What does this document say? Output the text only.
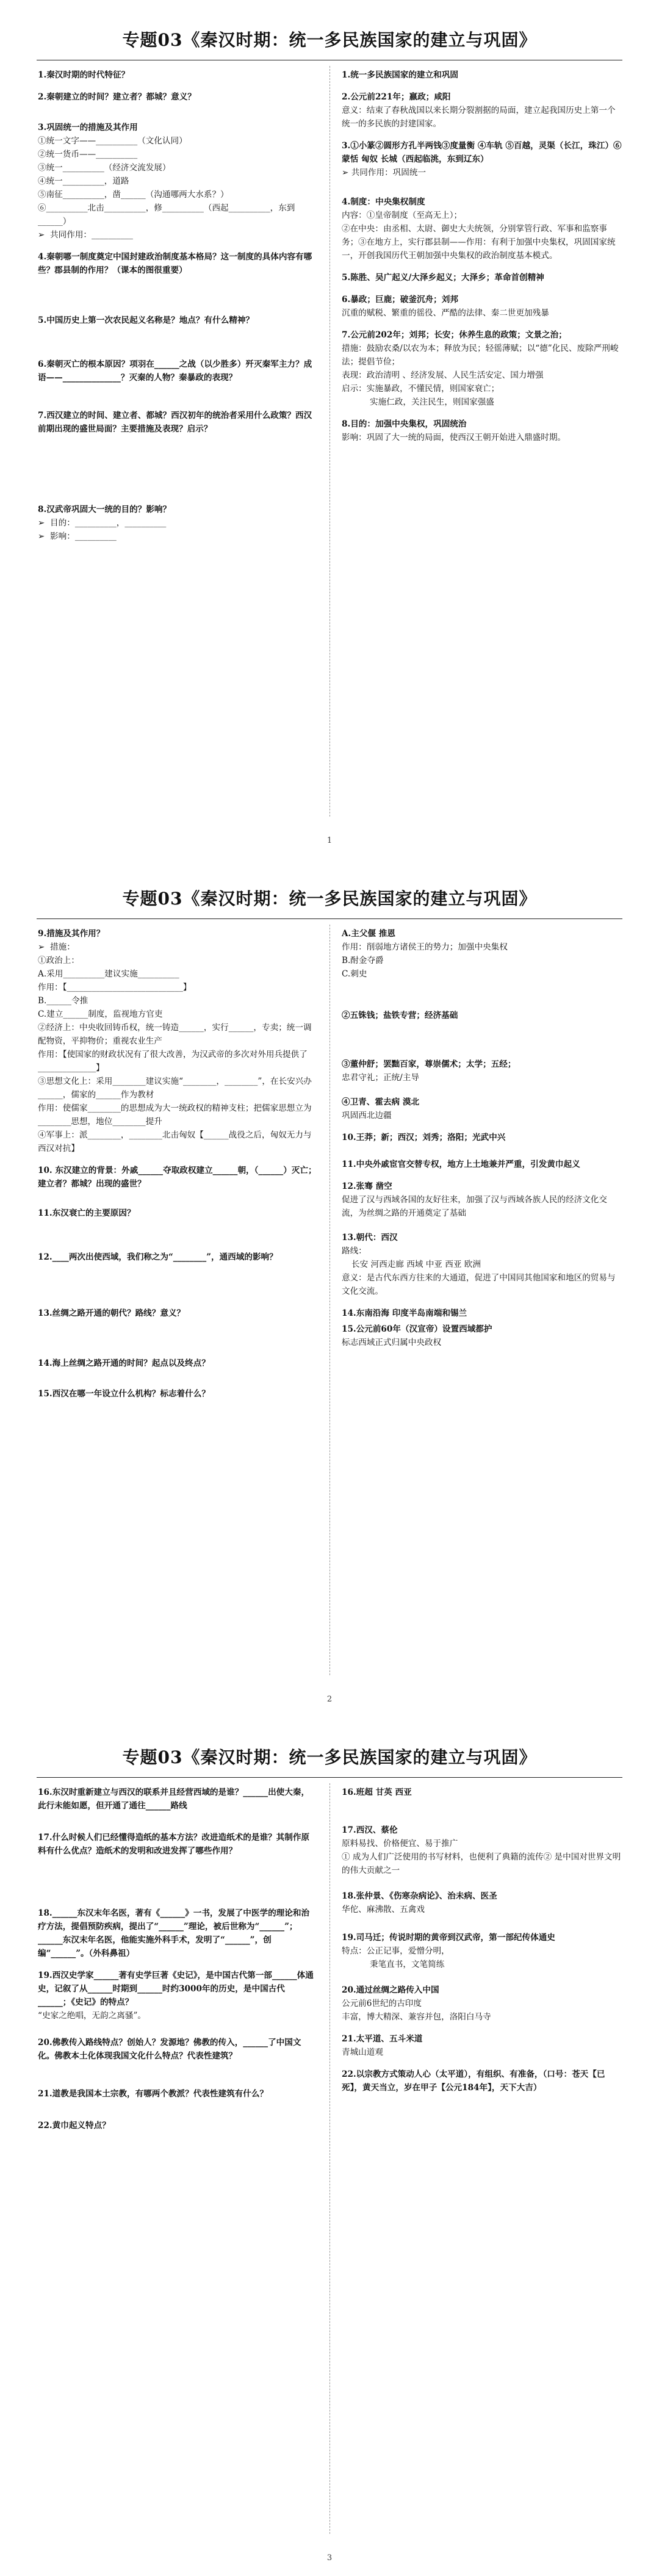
专题03《秦汉时期：统一多民族国家的建立与巩固》
1.秦汉时期的时代特征？
2.秦朝建立的时间？建立者？都城？意义？
3.巩固统一的措施及其作用
①统一文字——__________（文化认同）
②统一货币——__________
③统一__________（经济交流发展）
④统一__________，道路
⑤南征__________，凿______（沟通哪两大水系？）
⑥__________北击__________，修__________（西起__________，东到______）
➢  共同作用：__________
4.秦朝哪一制度奠定中国封建政治制度基本格局？这一制度的具体内容有哪些？郡县制的作用？（课本的图很重要）
5.中国历史上第一次农民起义名称是？地点？有什么精神？
6.秦朝灭亡的根本原因？项羽在______之战（以少胜多）歼灭秦军主力？成语——______________？灭秦的人物？秦暴政的表现？
7.西汉建立的时间、建立者、都城？西汉初年的统治者采用什么政策？西汉前期出现的盛世局面？主要措施及表现？启示？
8.汉武帝巩固大一统的目的？影响？
➢  目的：__________，__________
➢  影响：__________
1.统一多民族国家的建立和巩固
2.公元前221年；嬴政；咸阳
意义：结束了春秋战国以来长期分裂割据的局面，建立起我国历史上第一个统一的多民族的封建国家。
3.①小篆②圆形方孔半两钱③度量衡 ④车轨 ⑤百越，灵渠（长江，珠江）⑥蒙恬 匈奴 长城（西起临洮，东到辽东）
➢ 共同作用：巩固统一
4.制度：中央集权制度
内容：①皇帝制度（至高无上）；
②在中央：由丞相、太尉、御史大夫统领，分别掌管行政、军事和监察事务；③在地方上，实行郡县制——作用：有利于加强中央集权，巩固国家统一，开创我国历代王朝加强中央集权的政治制度基本模式。
5.陈胜、吴广起义/大泽乡起义；大泽乡；革命首创精神
6.暴政；巨鹿；破釜沉舟；刘邦
沉重的赋税、繁重的徭役、严酷的法律、秦二世更加残暴
7.公元前202年；刘邦；长安；休养生息的政策；文景之治；
措施：鼓励农桑/以农为本；释放为民；轻徭薄赋；以“德”化民、废除严刑峻法；提倡节俭；
表现：政治清明 、经济发展、人民生活安定、国力增强
启示：实施暴政，不懂民情，则国家衰亡；
实施仁政，关注民生，则国家强盛
8.目的：加强中央集权，巩固统治
影响：巩固了大一统的局面，使西汉王朝开始进入鼎盛时期。
1
专题03《秦汉时期：统一多民族国家的建立与巩固》
9.措施及其作用？
➢  措施：
①政治上：
A.采用__________建议实施__________
作用：【____________________________】
B.______令推
C.建立______制度，监视地方官吏
②经济上：中央收回铸币权，统一铸造______，实行______，专卖；统一调配物资，平抑物价；重视农业生产
作用：【使国家的财政状况有了很大改善，为汉武帝的多次对外用兵提供了______________】
③思想文化上：采用________建议实施“________，________”，在长安兴办______，儒家的______作为教材
作用：使儒家________的思想成为大一统政权的精神支柱；把儒家思想立为________思想，地位________提升
④军事上：派________，________北击匈奴【______战役之后，匈奴无力与西汉对抗】
10. 东汉建立的背景：外戚______夺取政权建立______朝，（______）灭亡；建立者？都城？出现的盛世？
11.东汉衰亡的主要原因？
12.____两次出使西域，我们称之为“________”，通西域的影响？
13.丝绸之路开通的朝代？路线？意义？
14.海上丝绸之路开通的时间？起点以及终点？
15.西汉在哪一年设立什么机构？标志着什么？
A.主父偃 推恩
作用：削弱地方诸侯王的势力；加强中央集权
B.酎金夺爵
C.刺史
②五铢钱；盐铁专营；经济基础
③董仲舒；罢黜百家，尊崇儒术；太学；五经；
忠君守礼；正统/主导
④卫青、霍去病 漠北
巩固西北边疆
10.王莽；新；西汉；刘秀；洛阳；光武中兴
11.中央外戚宦官交替专权，地方上土地兼并严重，引发黄巾起义
12.张骞 凿空
促进了汉与西域各国的友好往来，加强了汉与西域各族人民的经济文化交流，为丝绸之路的开通奠定了基础
13.朝代：西汉
路线：
长安 河西走廊 西域 中亚 西亚 欧洲
意义：是古代东西方往来的大通道，促进了中国同其他国家和地区的贸易与文化交流。
14.东南沿海 印度半岛南端和锡兰
15.公元前60年（汉宣帝）设置西域都护
标志西域正式归属中央政权
2
专题03《秦汉时期：统一多民族国家的建立与巩固》
16.东汉时重新建立与西汉的联系并且经营西域的是谁？______出使大秦，此行未能如愿，但开通了通往______路线
17.什么时候人们已经懂得造纸的基本方法？改进造纸术的是谁？其制作原料有什么优点？造纸术的发明和改进发挥了哪些作用？
18.______东汉末年名医，著有《______》一书，发展了中医学的理论和治疗方法，提倡预防疾病，提出了“______”理论，被后世称为“______”；______东汉末年名医，他能实施外科手术，发明了“______”，创编“______”。（外科鼻祖）
19.西汉史学家______著有史学巨著《史记》，是中国古代第一部______体通史，记叙了从______时期到______时约3000年的历史，是中国古代______；《史记》的特点？
“史家之绝唱，无韵之离骚”。
20.佛教传入路线特点？创始人？发源地？佛教的传入，______了中国文化。佛教本土化体现我国文化什么特点？代表性建筑？
21.道教是我国本土宗教，有哪两个教派？代表性建筑有什么？
22.黄巾起义特点？
16.班超 甘英 西亚
17.西汉、蔡伦
原料易找、价格便宜、易于推广
① 成为人们广泛使用的书写材料，也便利了典籍的流传② 是中国对世界文明的伟大贡献之一
18.张仲景、《伤寒杂病论》、治未病、医圣
华佗、麻沸散、五禽戏
19.司马迁；传说时期的黄帝到汉武帝，第一部纪传体通史
特点：公正记事，爱憎分明，
秉笔直书，文笔简练
20.通过丝绸之路传入中国
公元前6世纪的古印度
丰富，博大精深、兼容并包，洛阳白马寺
21.太平道、五斗米道
青城山道观
22.以宗教方式策动人心（太平道），有组织、有准备，（口号：苍天【已死】，黄天当立，岁在甲子【公元184年】，天下大吉）
3
